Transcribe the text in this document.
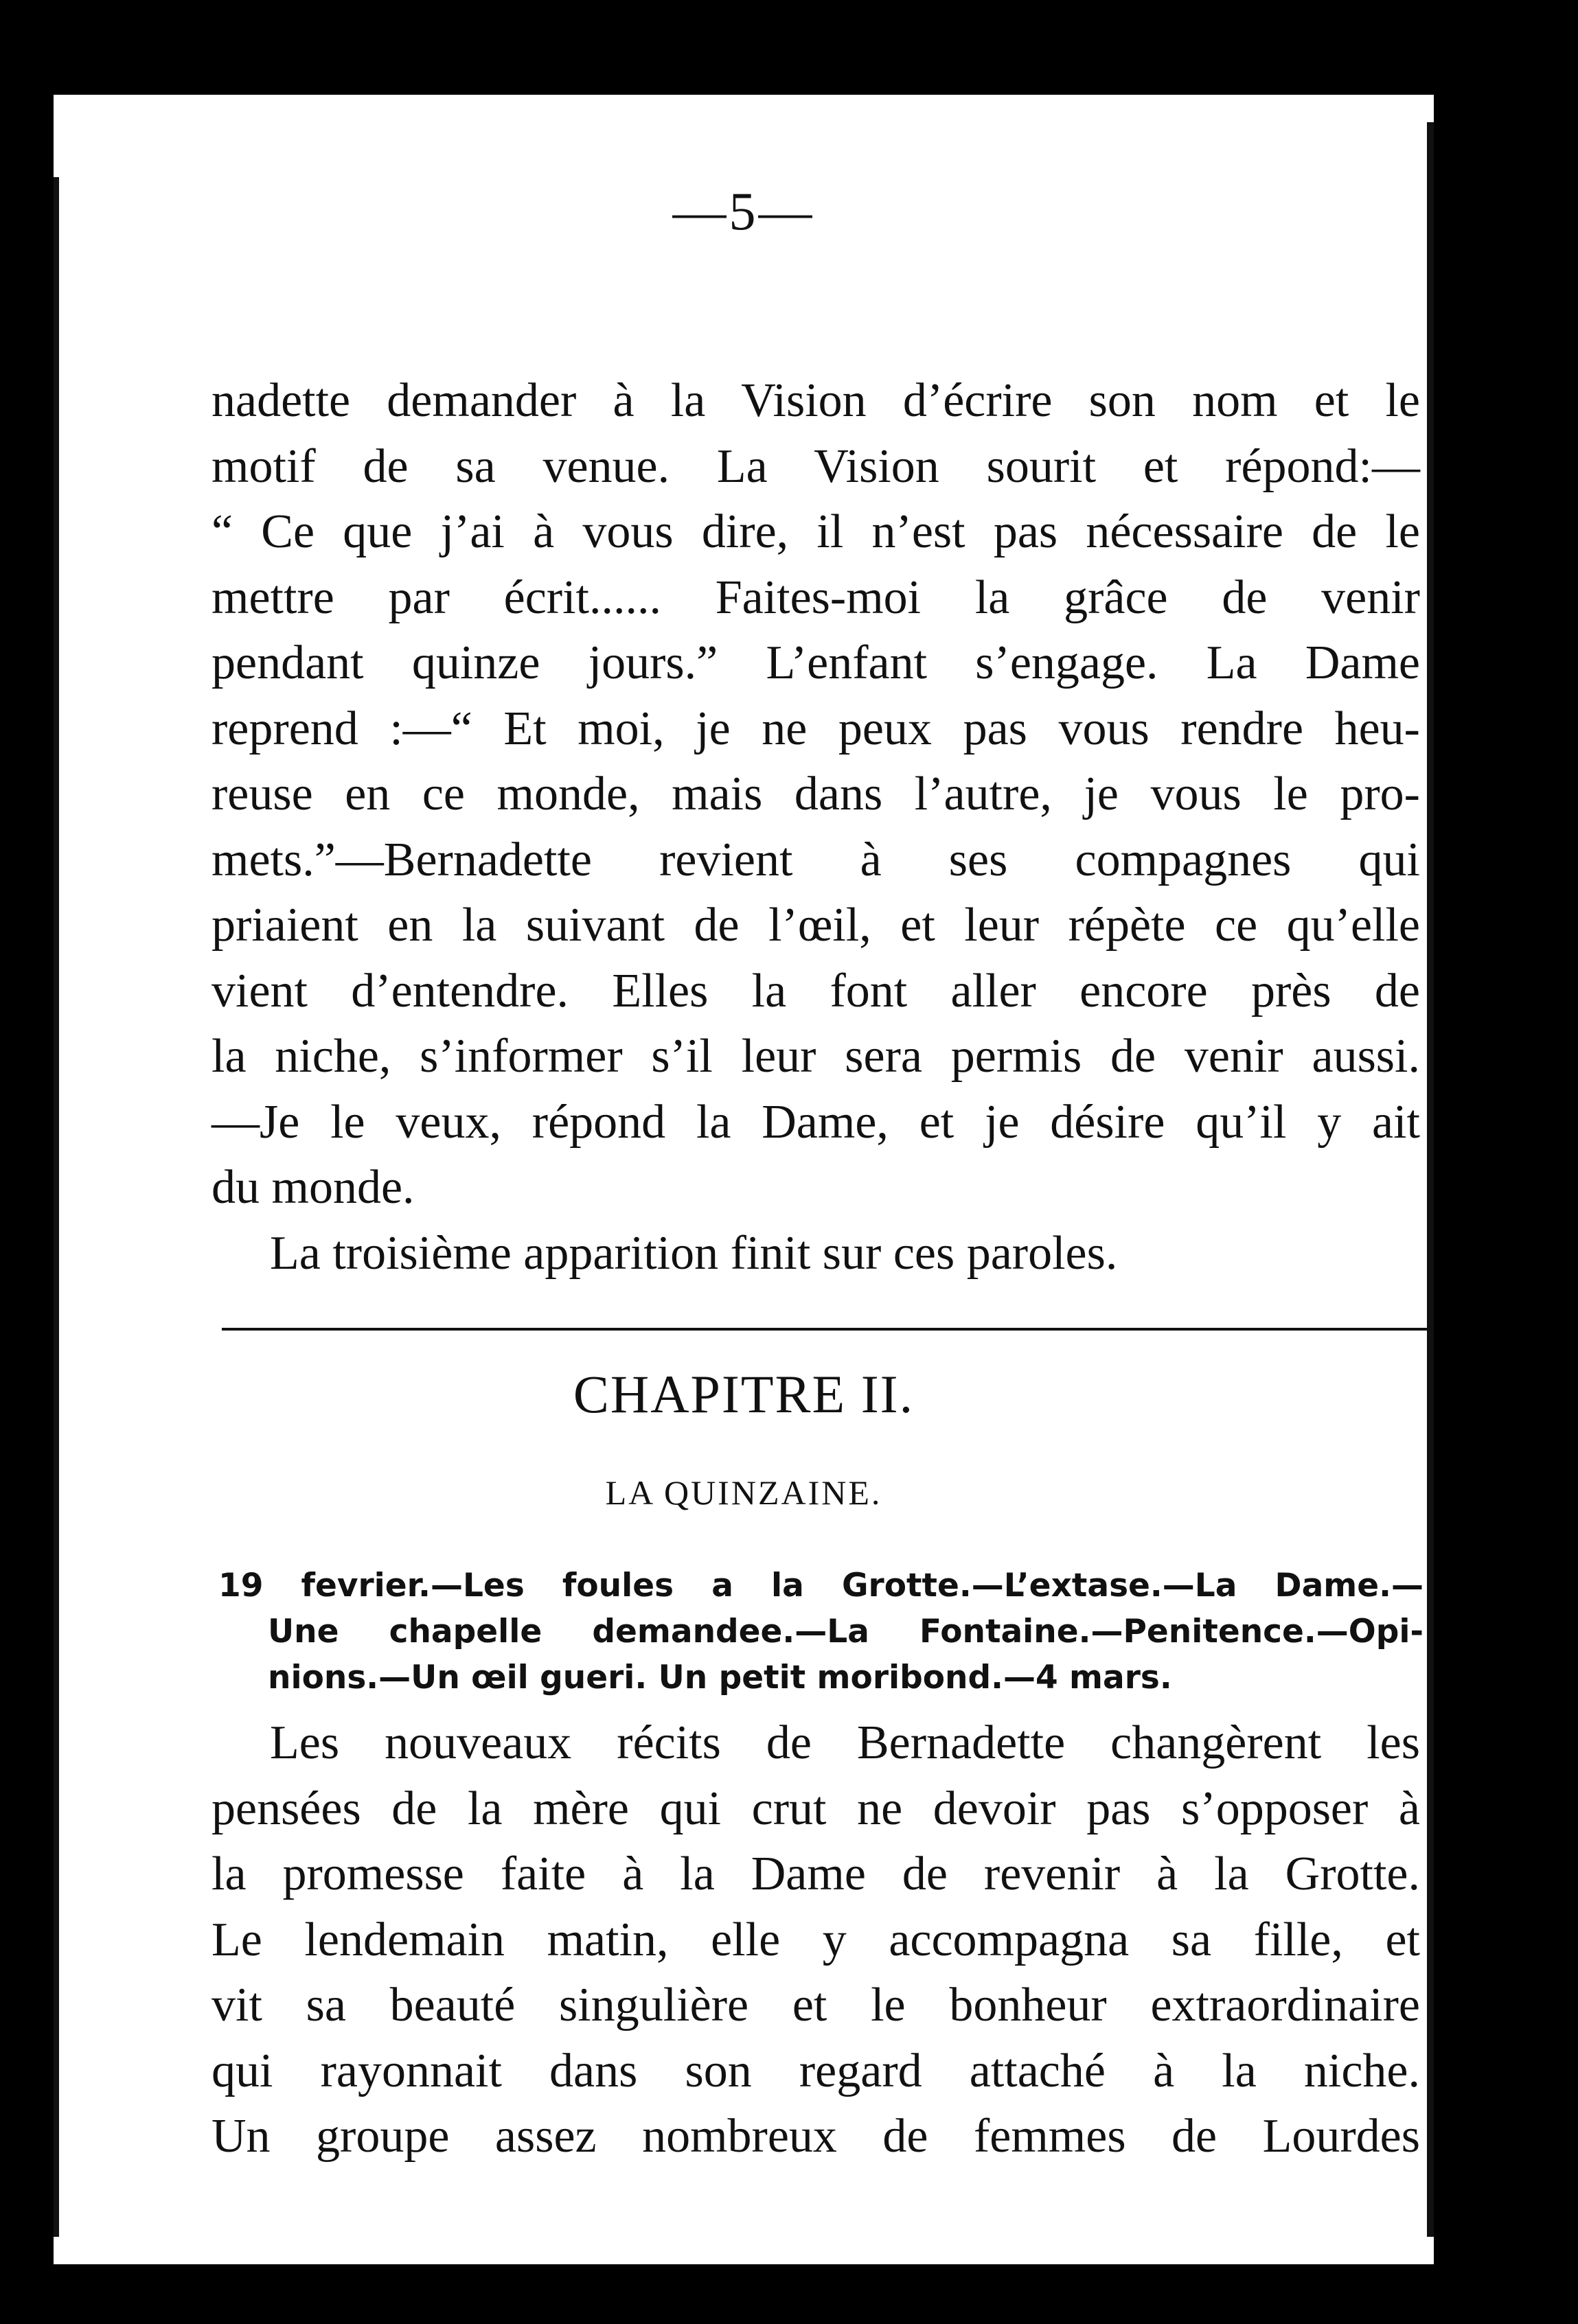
—5—
nadette demander à la Vision d’écrire son nom et le
motif de sa venue. La Vision sourit et répond:—
“ Ce que j’ai à vous dire, il n’est pas nécessaire de le
mettre par écrit...... Faites-moi la grâce de venir
pendant quinze jours.” L’enfant s’engage. La Dame
reprend :—“ Et moi, je ne peux pas vous rendre heu-
reuse en ce monde, mais dans l’autre, je vous le pro-
mets.”—Bernadette revient à ses compagnes qui
priaient en la suivant de l’œil, et leur répète ce qu’elle
vient d’entendre. Elles la font aller encore près de
la niche, s’informer s’il leur sera permis de venir aussi.
—Je le veux, répond la Dame, et je désire qu’il y ait
du monde.
La troisième apparition finit sur ces paroles.
CHAPITRE II.
LA QUINZAINE.
19 fevrier.—Les foules a la Grotte.—L’extase.—La Dame.—
Une chapelle demandee.—La Fontaine.—Penitence.—Opi-
nions.—Un œil gueri. Un petit moribond.—4 mars.
Les nouveaux récits de Bernadette changèrent les
pensées de la mère qui crut ne devoir pas s’opposer à
la promesse faite à la Dame de revenir à la Grotte.
Le lendemain matin, elle y accompagna sa fille, et
vit sa beauté singulière et le bonheur extraordinaire
qui rayonnait dans son regard attaché à la niche.
Un groupe assez nombreux de femmes de Lourdes
